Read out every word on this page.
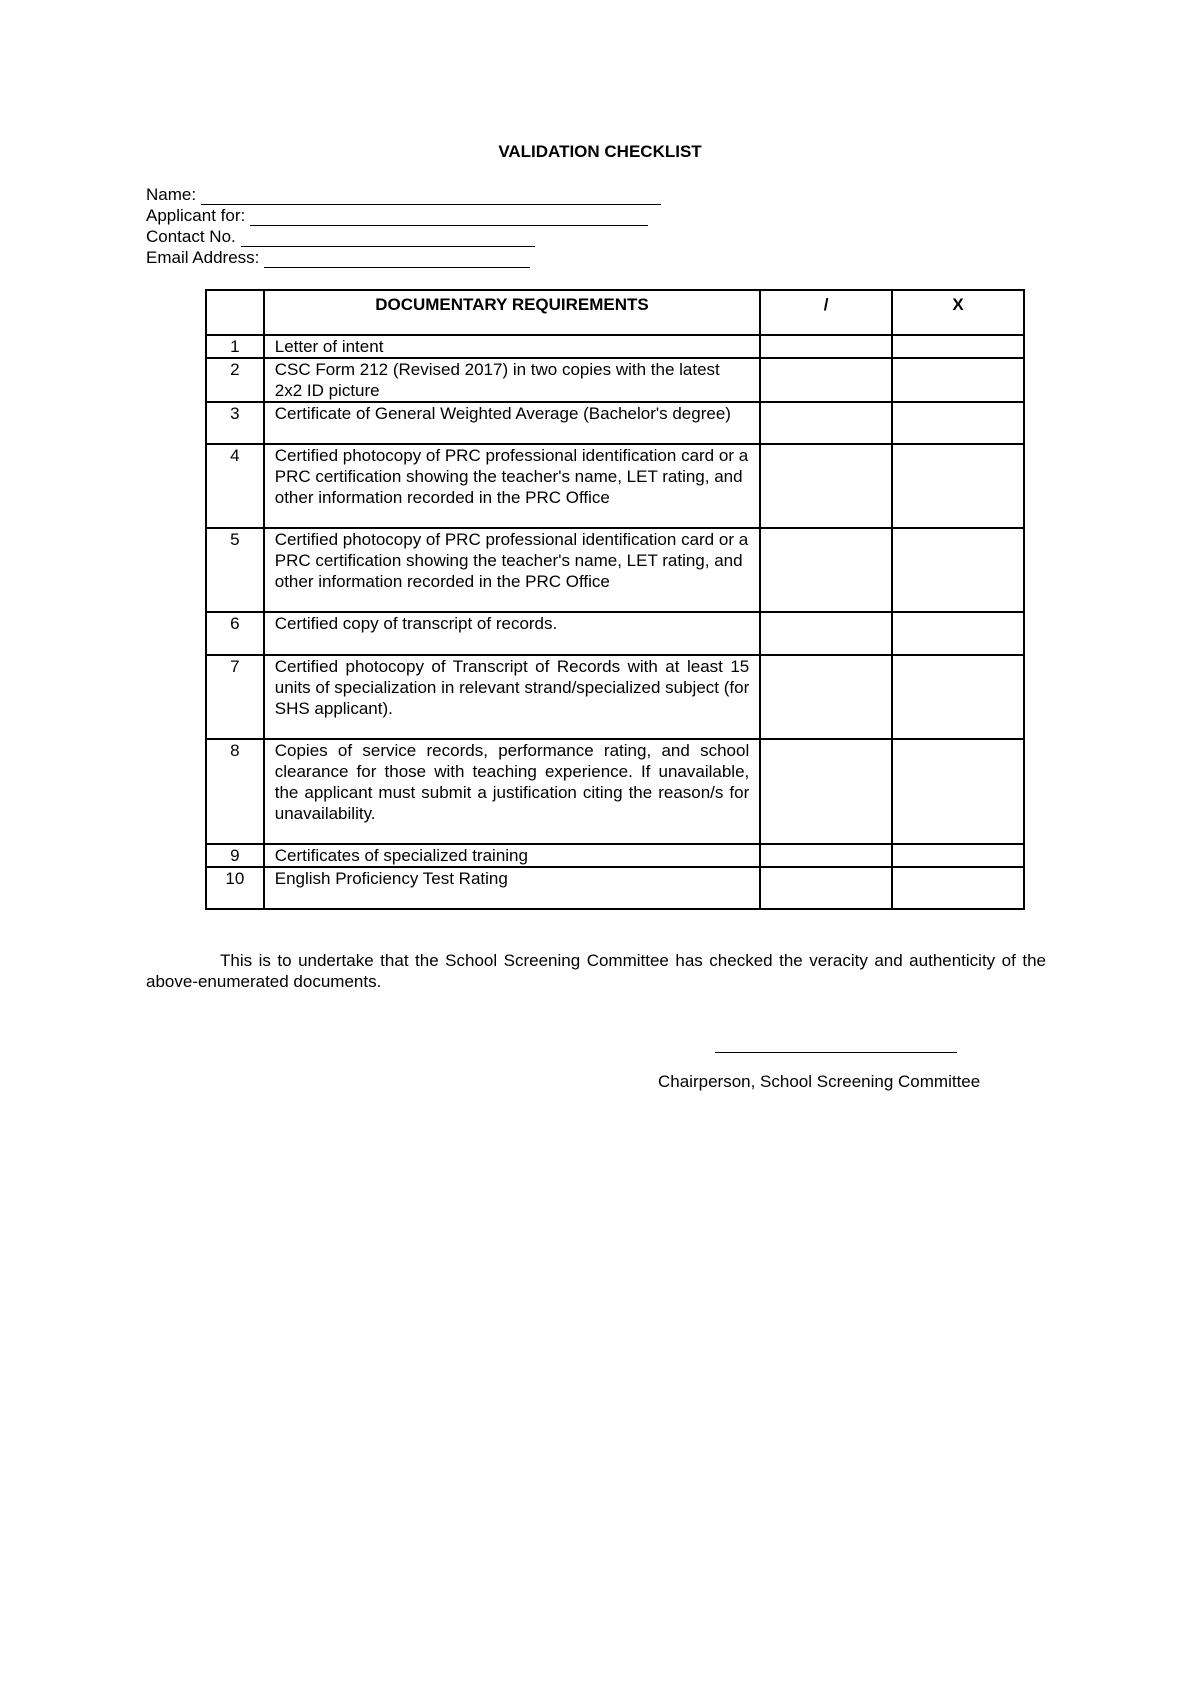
VALIDATION CHECKLIST
Name:
Applicant for:
Contact No.
Email Address:
	DOCUMENTARY REQUIREMENTS	/	X
1	Letter of intent		
2	CSC Form 212 (Revised 2017) in two copies with the latest 2x2 ID picture		
3	Certificate of General Weighted Average (Bachelor's degree)		
4	Certified photocopy of PRC professional identification card or a PRC certification showing the teacher's name, LET rating, and other information recorded in the PRC Office		
5	Certified photocopy of PRC professional identification card or a PRC certification showing the teacher's name, LET rating, and other information recorded in the PRC Office		
6	Certified copy of transcript of records.		
7	Certified photocopy of Transcript of Records with at least 15 units of specialization in relevant strand/specialized subject (for SHS applicant).		
8	Copies of service records, performance rating, and school clearance for those with teaching experience. If unavailable, the applicant must submit a justification citing the reason/s for unavailability.		
9	Certificates of specialized training		
10	English Proficiency Test Rating		

This is to undertake that the School Screening Committee has checked the veracity and authenticity of the above-enumerated documents.

Chairperson, School Screening Committee
